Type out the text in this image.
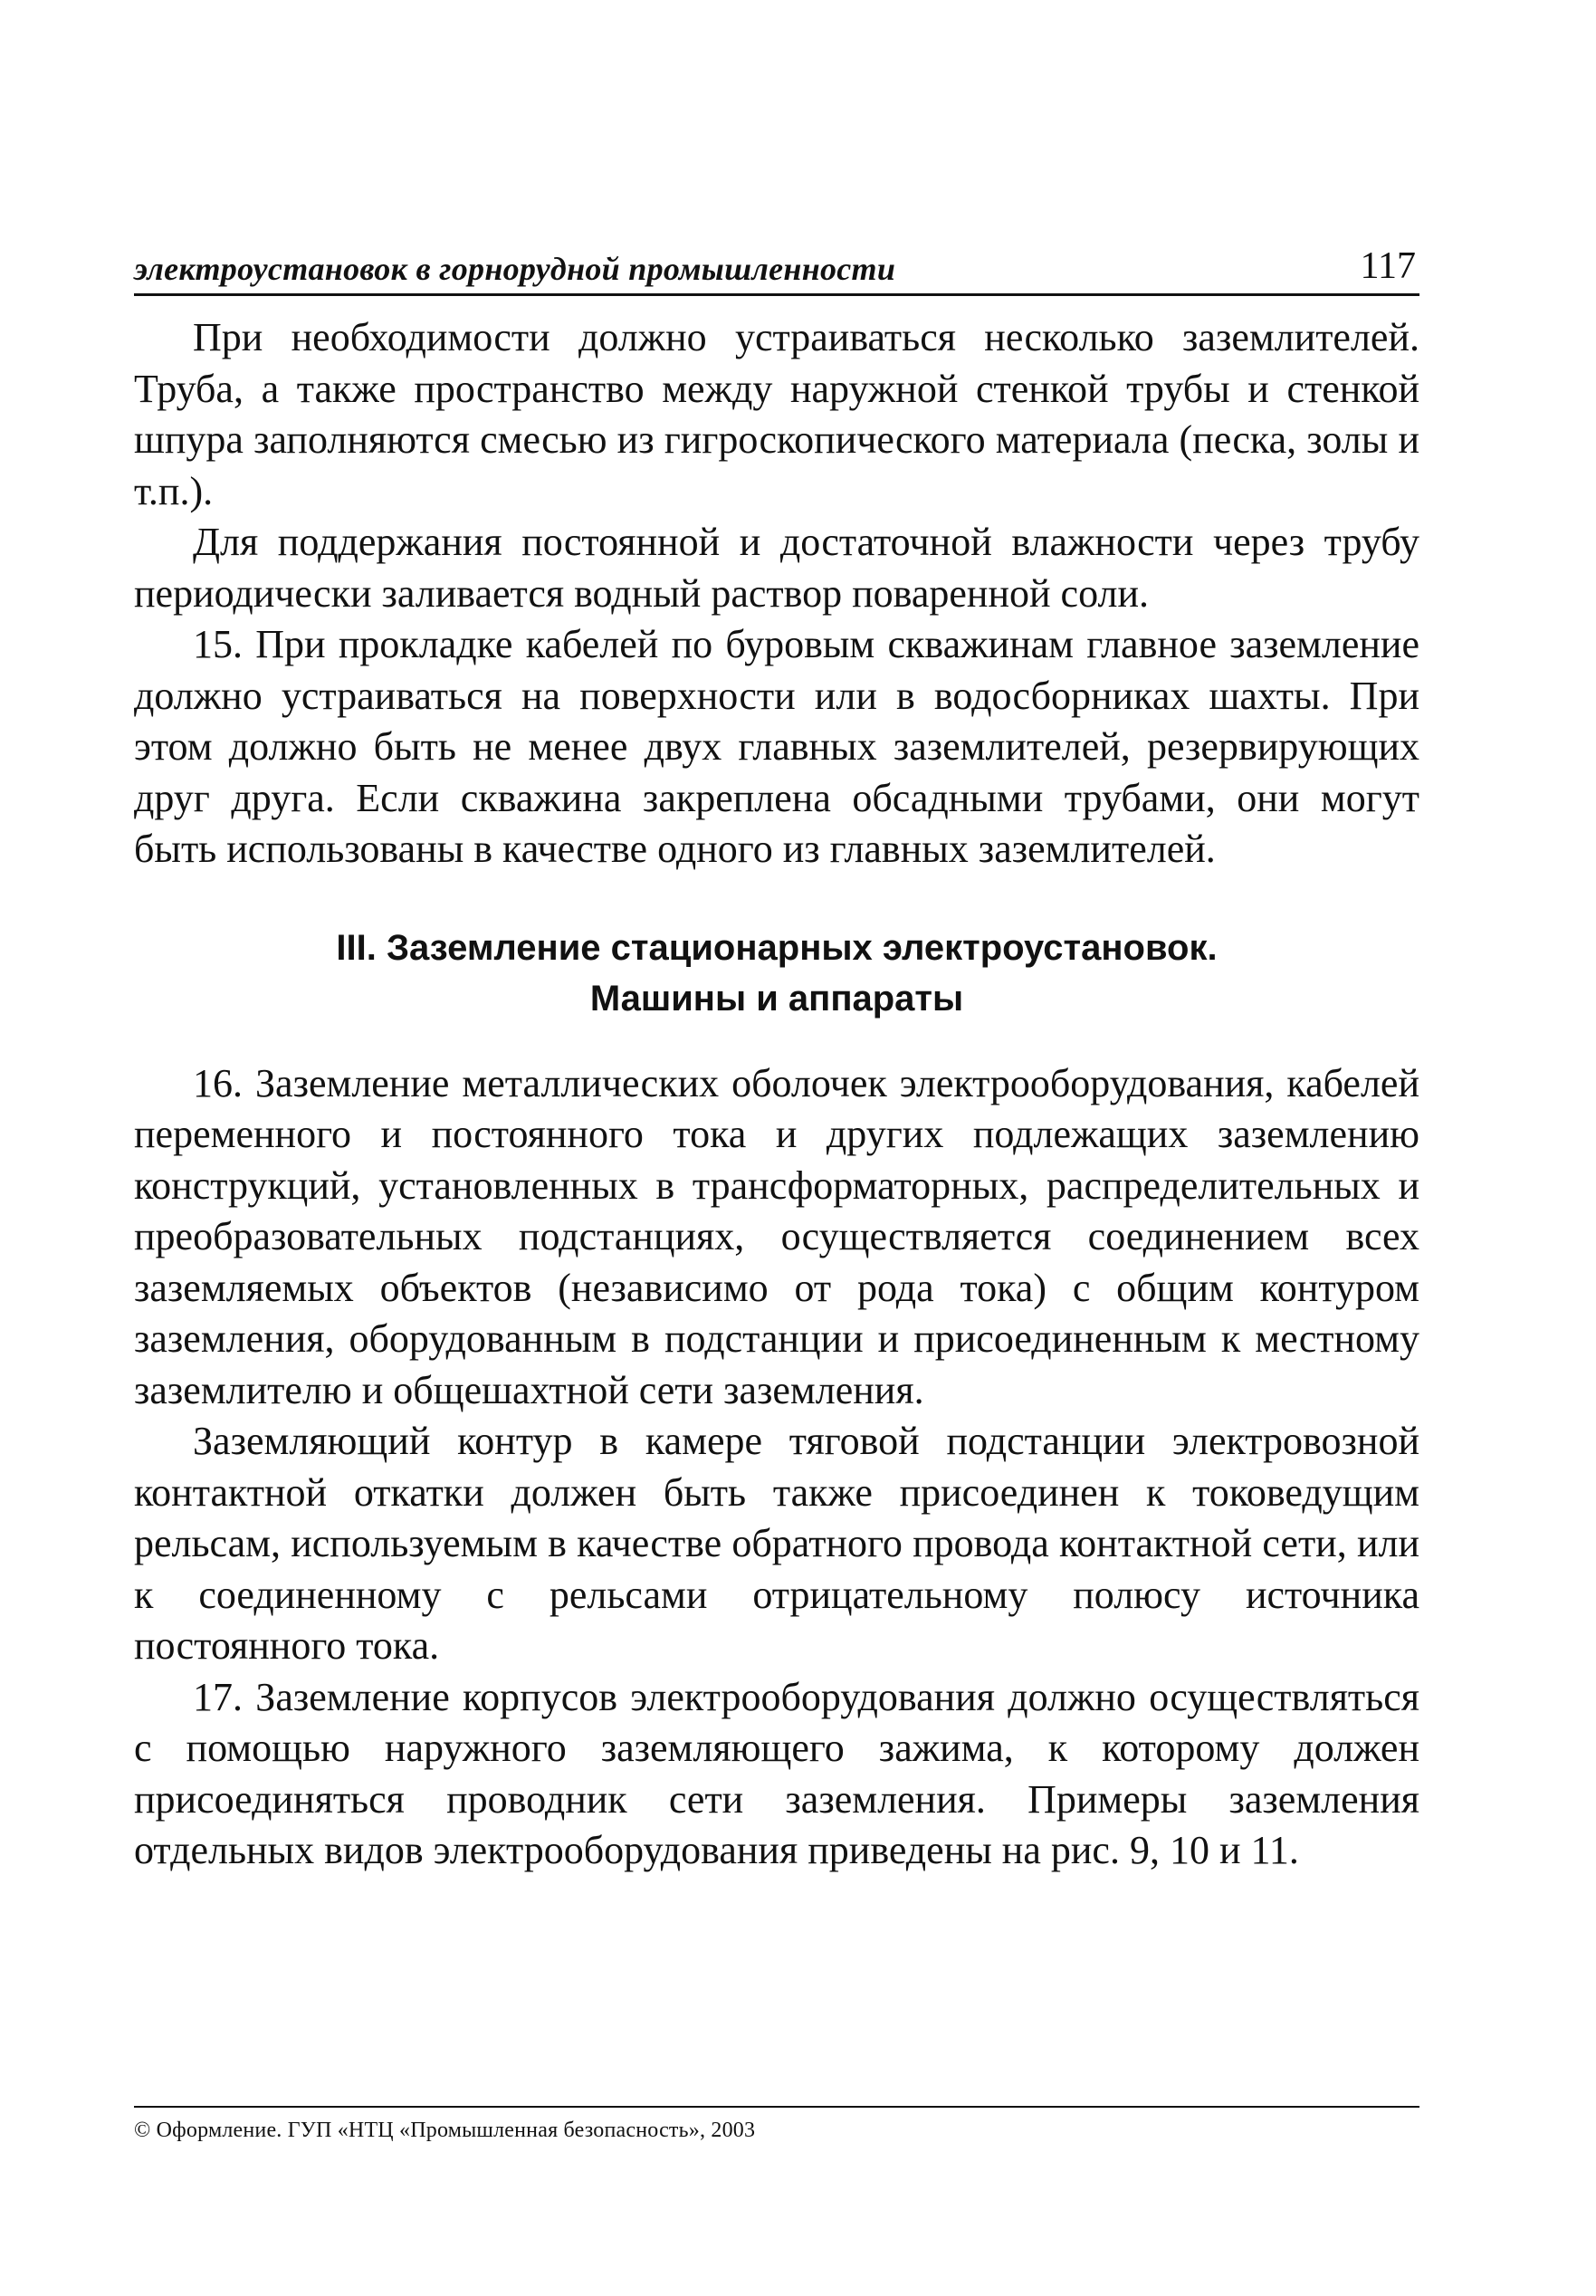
электроустановок в горнорудной промышленности	117

При необходимости должно устраиваться несколько заземлителей. Труба, а также пространство между наружной стенкой трубы и стенкой шпура заполняются смесью из гигроскопического материала (песка, золы и т.п.).

Для поддержания постоянной и достаточной влажности через трубу периодически заливается водный раствор поваренной соли.

15. При прокладке кабелей по буровым скважинам главное заземление должно устраиваться на поверхности или в водосборниках шахты. При этом должно быть не менее двух главных заземлителей, резервирующих друг друга. Если скважина закреплена обсадными трубами, они могут быть использованы в качестве одного из главных заземлителей.

III. Заземление стационарных электроустановок.
Машины и аппараты

16. Заземление металлических оболочек электрооборудования, кабелей переменного и постоянного тока и других подлежащих заземлению конструкций, установленных в трансформаторных, распределительных и преобразовательных подстанциях, осуществляется соединением всех заземляемых объектов (независимо от рода тока) с общим контуром заземления, оборудованным в подстанции и присоединенным к местному заземлителю и общешахтной сети заземления.

Заземляющий контур в камере тяговой подстанции электровозной контактной откатки должен быть также присоединен к токоведущим рельсам, используемым в качестве обратного провода контактной сети, или к соединенному с рельсами отрицательному полюсу источника постоянного тока.

17. Заземление корпусов электрооборудования должно осуществляться с помощью наружного заземляющего зажима, к которому должен присоединяться проводник сети заземления. Примеры заземления отдельных видов электрооборудования приведены на рис. 9, 10 и 11.

© Оформление. ГУП «НТЦ «Промышленная безопасность», 2003
